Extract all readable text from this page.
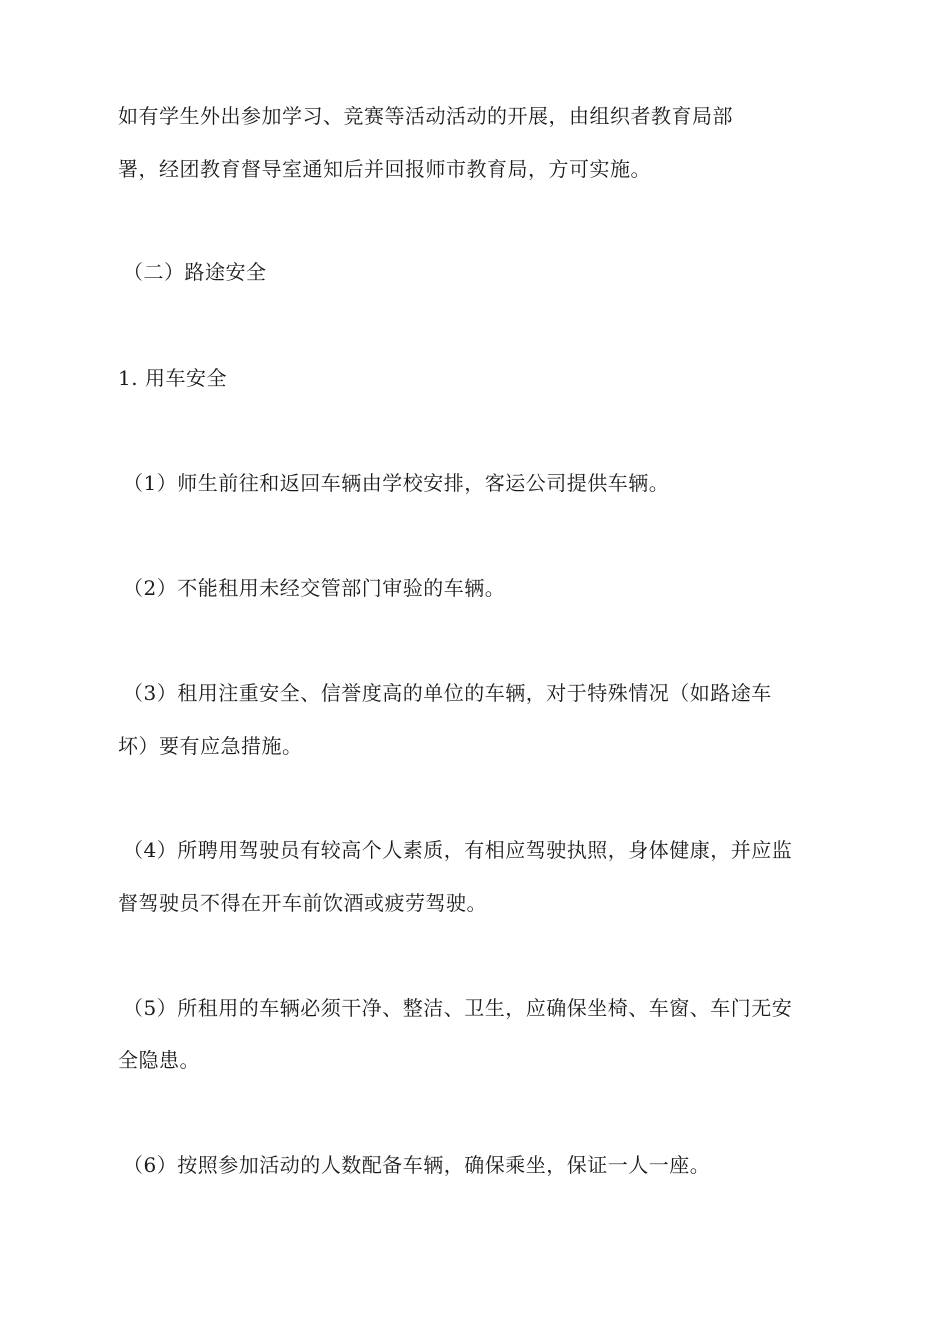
如有学生外出参加学习、竞赛等活动活动的开展，由组织者教育局部
署，经团教育督导室通知后并回报师市教育局，方可实施。
（二）路途安全
1. 用车安全
（1）师生前往和返回车辆由学校安排，客运公司提供车辆。
（2）不能租用未经交管部门审验的车辆。
（3）租用注重安全、信誉度高的单位的车辆，对于特殊情况（如路途车
坏）要有应急措施。
（4）所聘用驾驶员有较高个人素质，有相应驾驶执照，身体健康，并应监
督驾驶员不得在开车前饮酒或疲劳驾驶。
（5）所租用的车辆必须干净、整洁、卫生，应确保坐椅、车窗、车门无安
全隐患。
（6）按照参加活动的人数配备车辆，确保乘坐，保证一人一座。
